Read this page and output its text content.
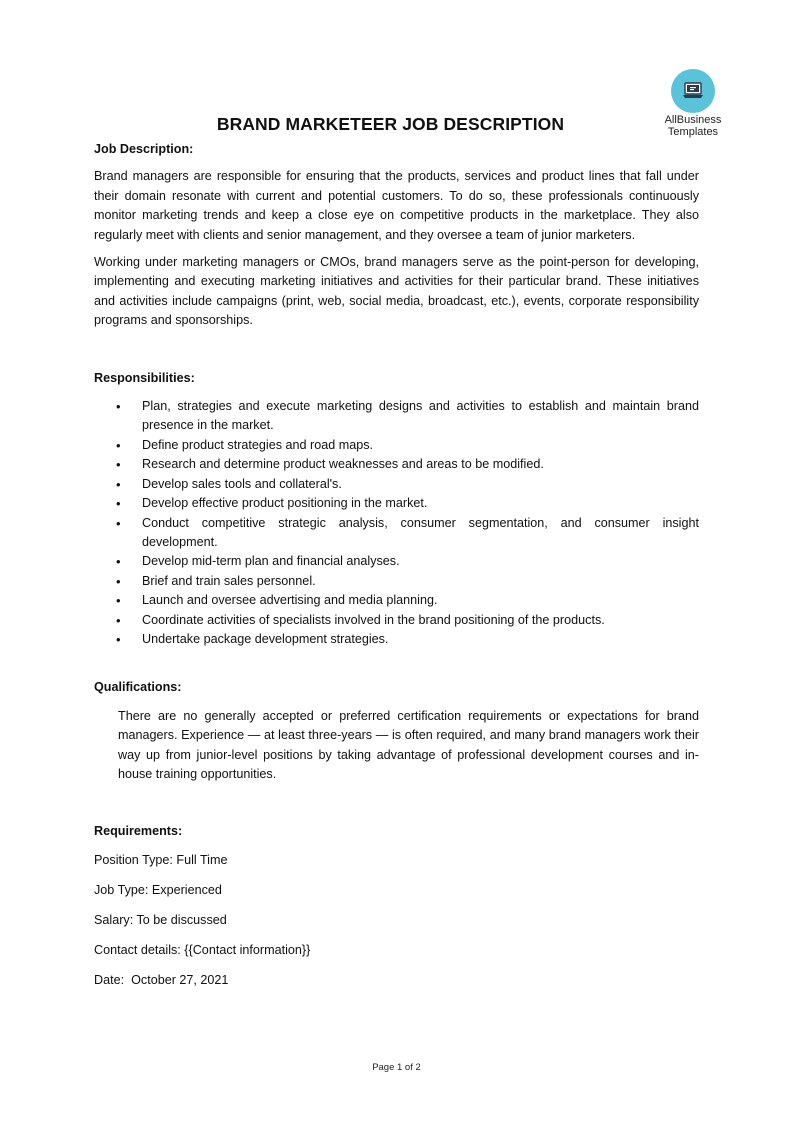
AllBusiness
Templates
BRAND MARKETEER JOB DESCRIPTION

Job Description:

Brand managers are responsible for ensuring that the products, services and product lines that fall under their domain resonate with current and potential customers. To do so, these professionals continuously monitor marketing trends and keep a close eye on competitive products in the marketplace. They also regularly meet with clients and senior management, and they oversee a team of junior marketers.

Working under marketing managers or CMOs, brand managers serve as the point-person for developing, implementing and executing marketing initiatives and activities for their particular brand. These initiatives and activities include campaigns (print, web, social media, broadcast, etc.), events, corporate responsibility programs and sponsorships.

Responsibilities:

• Plan, strategies and execute marketing designs and activities to establish and maintain brand presence in the market.
• Define product strategies and road maps.
• Research and determine product weaknesses and areas to be modified.
• Develop sales tools and collateral's.
• Develop effective product positioning in the market.
• Conduct competitive strategic analysis, consumer segmentation, and consumer insight development.
• Develop mid-term plan and financial analyses.
• Brief and train sales personnel.
• Launch and oversee advertising and media planning.
• Coordinate activities of specialists involved in the brand positioning of the products.
• Undertake package development strategies.

Qualifications:

There are no generally accepted or preferred certification requirements or expectations for brand managers. Experience — at least three-years — is often required, and many brand managers work their way up from junior-level positions by taking advantage of professional development courses and in-house training opportunities.

Requirements:

Position Type: Full Time

Job Type: Experienced

Salary: To be discussed

Contact details: {{Contact information}}

Date:  October 27, 2021

Page 1 of 2
